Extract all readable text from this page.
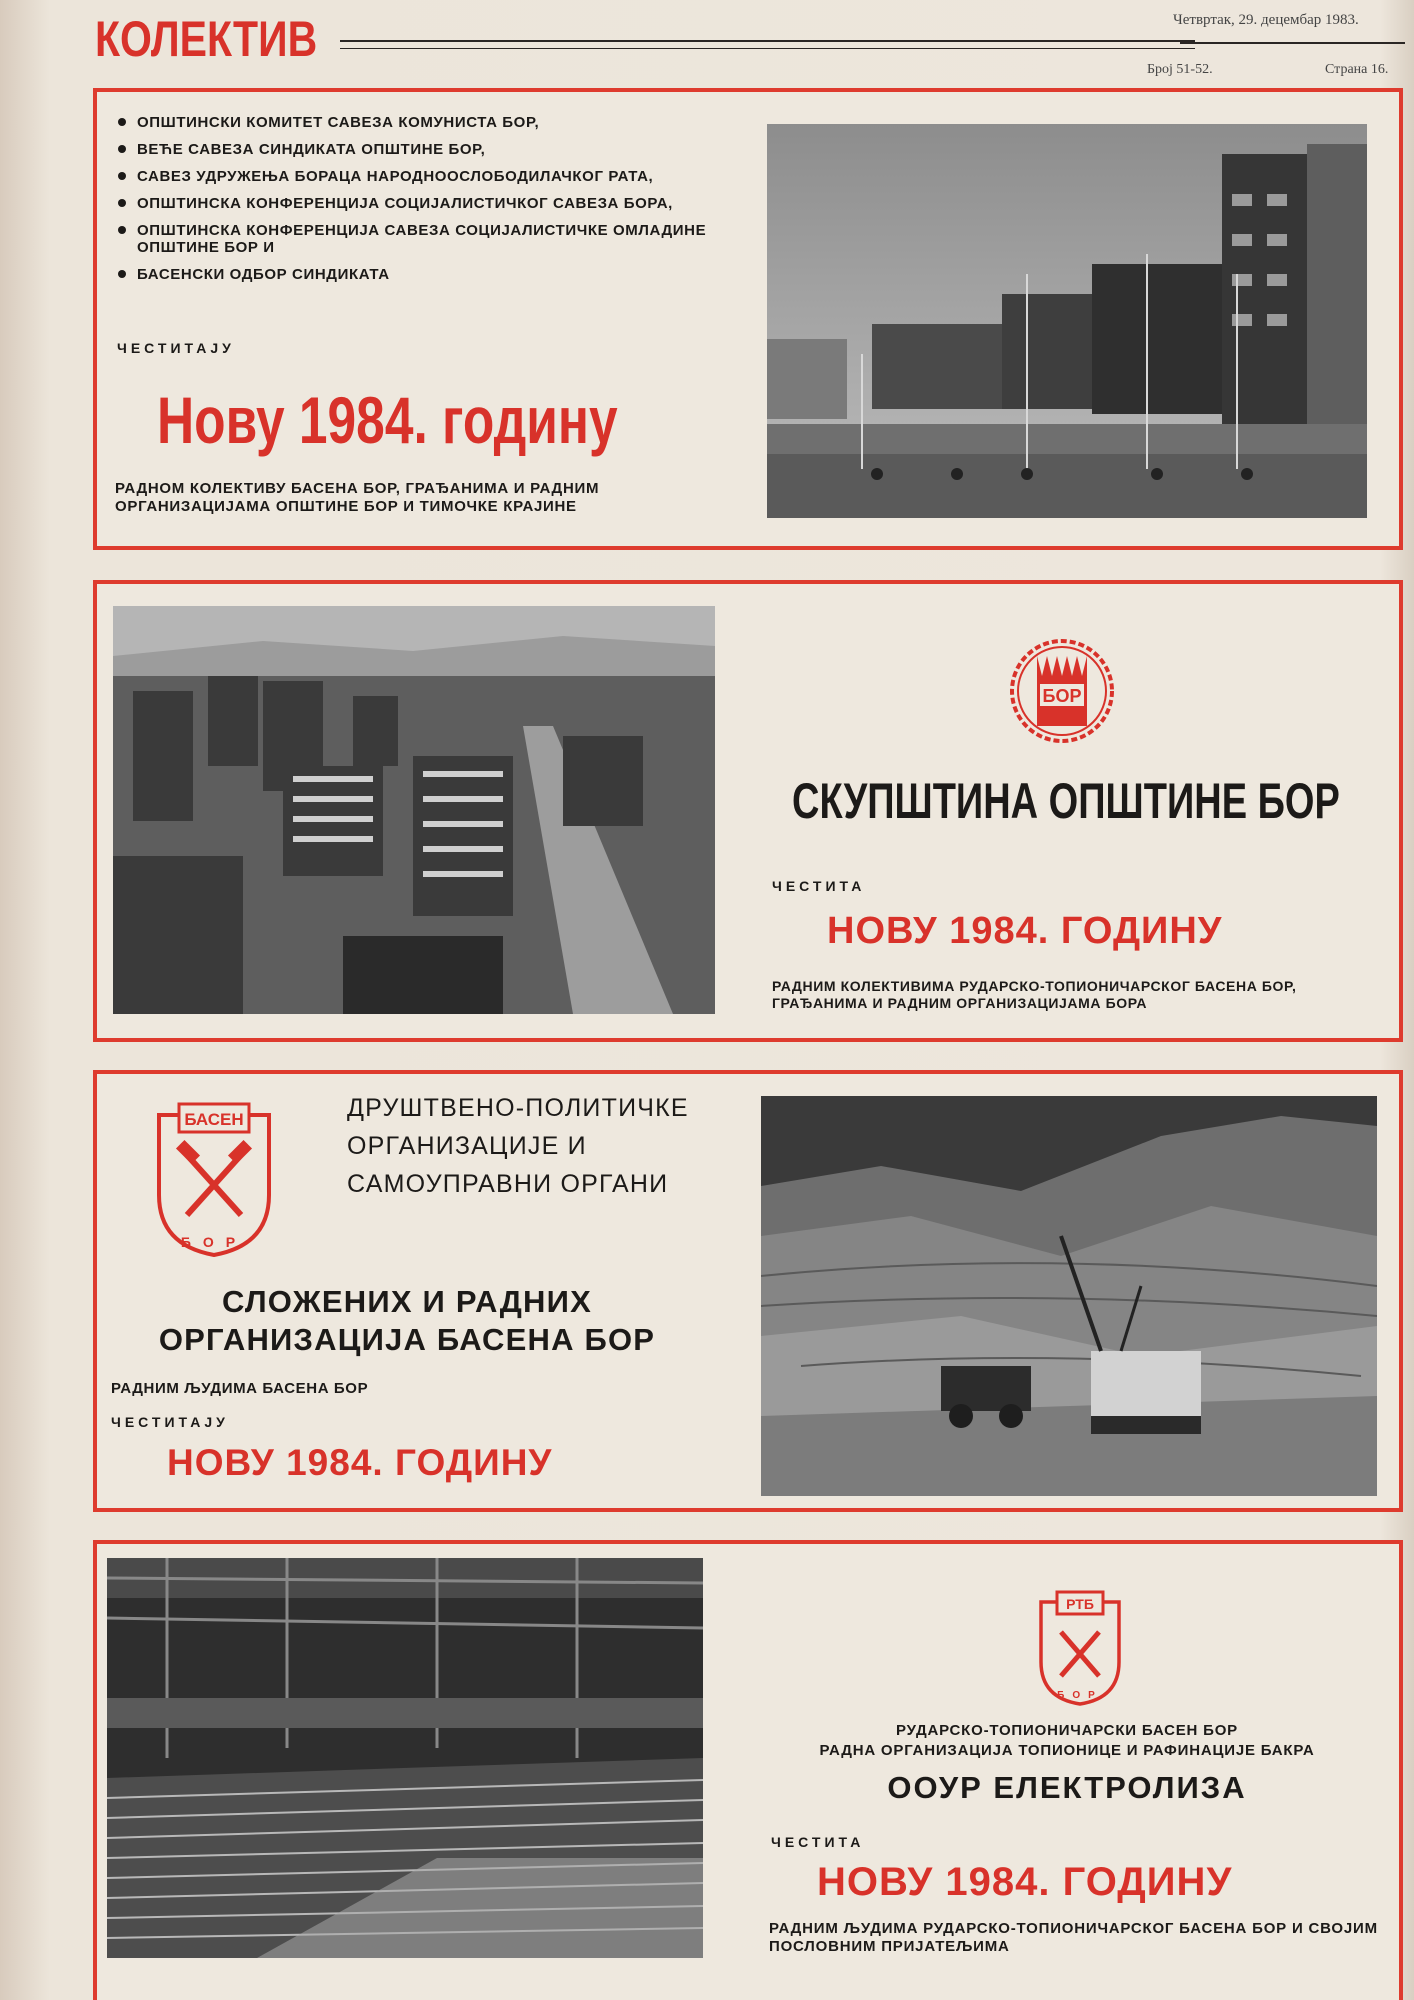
КОЛЕКТИВ	Четвртак, 29. децембар 1983.
Број 51-52.	Страна 16.
ОПШТИНСКИ КОМИТЕТ САВЕЗА КОМУНИСТА БОР,
ВЕЋЕ САВЕЗА СИНДИКАТА ОПШТИНЕ БОР,
САВЕЗ УДРУЖЕЊА БОРАЦА НАРОДНООСЛОБОДИЛАЧКОГ РАТА,
ОПШТИНСКА КОНФЕРЕНЦИЈА СОЦИЈАЛИСТИЧКОГ САВЕЗА БОРА,
ОПШТИНСКА КОНФЕРЕНЦИЈА САВЕЗА СОЦИЈАЛИСТИЧКЕ ОМЛАДИНЕ ОПШТИНЕ БОР И
БАСЕНСКИ ОДБОР СИНДИКАТА
ЧЕСТИТАЈУ
Нову 1984. годину
РАДНОМ КОЛЕКТИВУ БАСЕНА БОР, ГРАЂАНИМА И РАДНИМ ОРГАНИЗАЦИЈАМА ОПШТИНЕ БОР И ТИМОЧКЕ КРАЈИНЕ
БОР
СКУПШТИНА ОПШТИНЕ БОР
ЧЕСТИТА
НОВУ 1984. ГОДИНУ
РАДНИМ КОЛЕКТИВИМА РУДАРСКО-ТОПИОНИЧАРСКОГ БАСЕНА БОР, ГРАЂАНИМА И РАДНИМ ОРГАНИЗАЦИЈАМА БОРА
БАСЕН
БОР
ДРУШТВЕНО-ПОЛИТИЧКЕ
ОРГАНИЗАЦИЈЕ И
САМОУПРАВНИ ОРГАНИ
СЛОЖЕНИХ И РАДНИХ
ОРГАНИЗАЦИЈА БАСЕНА БОР
РАДНИМ ЉУДИМА БАСЕНА БОР
ЧЕСТИТАЈУ
НОВУ 1984. ГОДИНУ
РТБ
БОР
РУДАРСКО-ТОПИОНИЧАРСКИ БАСЕН БОР
РАДНА ОРГАНИЗАЦИЈА ТОПИОНИЦЕ И РАФИНАЦИЈЕ БАКРА
ООУР ЕЛЕКТРОЛИЗА
ЧЕСТИТА
НОВУ 1984. ГОДИНУ
РАДНИМ ЉУДИМА РУДАРСКО-ТОПИОНИЧАРСКОГ БАСЕНА БОР И СВОЈИМ ПОСЛОВНИМ ПРИЈАТЕЉИМА
